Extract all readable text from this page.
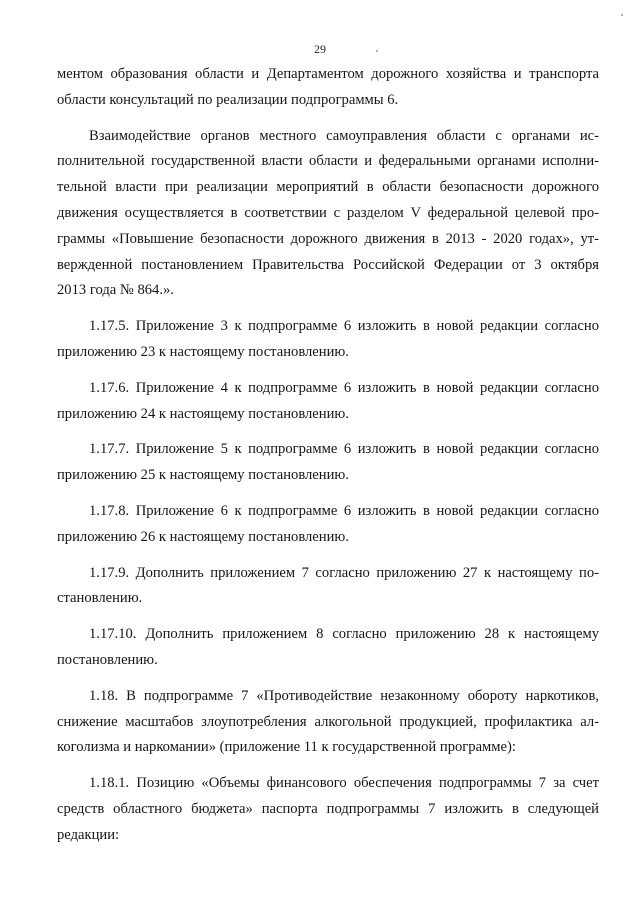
29
ментом образования области и Департаментом дорожного хозяйства и транспорта
области консультаций по реализации подпрограммы 6.
Взаимодействие органов местного самоуправления области с органами ис-
полнительной государственной власти области и федеральными органами исполни-
тельной власти при реализации мероприятий в области безопасности дорожного
движения осуществляется в соответствии с разделом V федеральной целевой про-
граммы «Повышение безопасности дорожного движения в 2013 - 2020 годах», ут-
вержденной постановлением Правительства Российской Федерации от 3 октября
2013 года № 864.».
1.17.5. Приложение 3 к подпрограмме 6 изложить в новой редакции согласно
приложению 23 к настоящему постановлению.
1.17.6. Приложение 4 к подпрограмме 6 изложить в новой редакции согласно
приложению 24 к настоящему постановлению.
1.17.7. Приложение 5 к подпрограмме 6 изложить в новой редакции согласно
приложению 25 к настоящему постановлению.
1.17.8. Приложение 6 к подпрограмме 6 изложить в новой редакции согласно
приложению 26 к настоящему постановлению.
1.17.9. Дополнить приложением 7 согласно приложению 27 к настоящему по-
становлению.
1.17.10. Дополнить приложением 8 согласно приложению 28 к настоящему
постановлению.
1.18. В подпрограмме 7 «Противодействие незаконному обороту наркотиков,
снижение масштабов злоупотребления алкогольной продукцией, профилактика ал-
коголизма и наркомании» (приложение 11 к государственной программе):
1.18.1. Позицию «Объемы финансового обеспечения подпрограммы 7 за счет
средств областного бюджета» паспорта подпрограммы 7 изложить в следующей
редакции:
